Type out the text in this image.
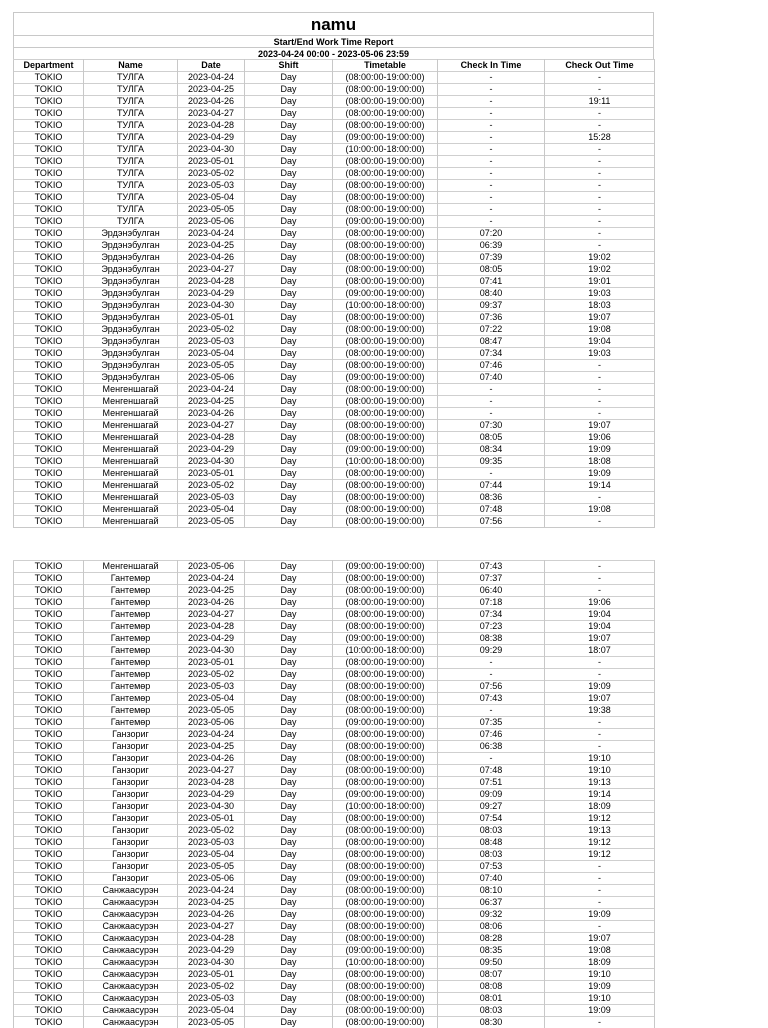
namu
Start/End Work Time Report
2023-04-24 00:00 - 2023-05-06 23:59
Department	Name	Date	Shift	Timetable	Check In Time	Check Out Time
TOKIO	ТУЛГА	2023-04-24	Day	(08:00:00-19:00:00)	-	-
TOKIO	ТУЛГА	2023-04-25	Day	(08:00:00-19:00:00)	-	-
TOKIO	ТУЛГА	2023-04-26	Day	(08:00:00-19:00:00)	-	19:11
TOKIO	ТУЛГА	2023-04-27	Day	(08:00:00-19:00:00)	-	-
TOKIO	ТУЛГА	2023-04-28	Day	(08:00:00-19:00:00)	-	-
TOKIO	ТУЛГА	2023-04-29	Day	(09:00:00-19:00:00)	-	15:28
TOKIO	ТУЛГА	2023-04-30	Day	(10:00:00-18:00:00)	-	-
TOKIO	ТУЛГА	2023-05-01	Day	(08:00:00-19:00:00)	-	-
TOKIO	ТУЛГА	2023-05-02	Day	(08:00:00-19:00:00)	-	-
TOKIO	ТУЛГА	2023-05-03	Day	(08:00:00-19:00:00)	-	-
TOKIO	ТУЛГА	2023-05-04	Day	(08:00:00-19:00:00)	-	-
TOKIO	ТУЛГА	2023-05-05	Day	(08:00:00-19:00:00)	-	-
TOKIO	ТУЛГА	2023-05-06	Day	(09:00:00-19:00:00)	-	-
TOKIO	Эрдэнэбулган	2023-04-24	Day	(08:00:00-19:00:00)	07:20	-
TOKIO	Эрдэнэбулган	2023-04-25	Day	(08:00:00-19:00:00)	06:39	-
TOKIO	Эрдэнэбулган	2023-04-26	Day	(08:00:00-19:00:00)	07:39	19:02
TOKIO	Эрдэнэбулган	2023-04-27	Day	(08:00:00-19:00:00)	08:05	19:02
TOKIO	Эрдэнэбулган	2023-04-28	Day	(08:00:00-19:00:00)	07:41	19:01
TOKIO	Эрдэнэбулган	2023-04-29	Day	(09:00:00-19:00:00)	08:40	19:03
TOKIO	Эрдэнэбулган	2023-04-30	Day	(10:00:00-18:00:00)	09:37	18:03
TOKIO	Эрдэнэбулган	2023-05-01	Day	(08:00:00-19:00:00)	07:36	19:07
TOKIO	Эрдэнэбулган	2023-05-02	Day	(08:00:00-19:00:00)	07:22	19:08
TOKIO	Эрдэнэбулган	2023-05-03	Day	(08:00:00-19:00:00)	08:47	19:04
TOKIO	Эрдэнэбулган	2023-05-04	Day	(08:00:00-19:00:00)	07:34	19:03
TOKIO	Эрдэнэбулган	2023-05-05	Day	(08:00:00-19:00:00)	07:46	-
TOKIO	Эрдэнэбулган	2023-05-06	Day	(09:00:00-19:00:00)	07:40	-
TOKIO	Менгеншагай	2023-04-24	Day	(08:00:00-19:00:00)	-	-
TOKIO	Менгеншагай	2023-04-25	Day	(08:00:00-19:00:00)	-	-
TOKIO	Менгеншагай	2023-04-26	Day	(08:00:00-19:00:00)	-	-
TOKIO	Менгеншагай	2023-04-27	Day	(08:00:00-19:00:00)	07:30	19:07
TOKIO	Менгеншагай	2023-04-28	Day	(08:00:00-19:00:00)	08:05	19:06
TOKIO	Менгеншагай	2023-04-29	Day	(09:00:00-19:00:00)	08:34	19:09
TOKIO	Менгеншагай	2023-04-30	Day	(10:00:00-18:00:00)	09:35	18:08
TOKIO	Менгеншагай	2023-05-01	Day	(08:00:00-19:00:00)	-	19:09
TOKIO	Менгеншагай	2023-05-02	Day	(08:00:00-19:00:00)	07:44	19:14
TOKIO	Менгеншагай	2023-05-03	Day	(08:00:00-19:00:00)	08:36	-
TOKIO	Менгеншагай	2023-05-04	Day	(08:00:00-19:00:00)	07:48	19:08
TOKIO	Менгеншагай	2023-05-05	Day	(08:00:00-19:00:00)	07:56	-
TOKIO	Менгеншагай	2023-05-06	Day	(09:00:00-19:00:00)	07:43	-
TOKIO	Гантемөр	2023-04-24	Day	(08:00:00-19:00:00)	07:37	-
TOKIO	Гантемөр	2023-04-25	Day	(08:00:00-19:00:00)	06:40	-
TOKIO	Гантемөр	2023-04-26	Day	(08:00:00-19:00:00)	07:18	19:06
TOKIO	Гантемөр	2023-04-27	Day	(08:00:00-19:00:00)	07:34	19:04
TOKIO	Гантемөр	2023-04-28	Day	(08:00:00-19:00:00)	07:23	19:04
TOKIO	Гантемөр	2023-04-29	Day	(09:00:00-19:00:00)	08:38	19:07
TOKIO	Гантемөр	2023-04-30	Day	(10:00:00-18:00:00)	09:29	18:07
TOKIO	Гантемөр	2023-05-01	Day	(08:00:00-19:00:00)	-	-
TOKIO	Гантемөр	2023-05-02	Day	(08:00:00-19:00:00)	-	-
TOKIO	Гантемөр	2023-05-03	Day	(08:00:00-19:00:00)	07:56	19:09
TOKIO	Гантемөр	2023-05-04	Day	(08:00:00-19:00:00)	07:43	19:07
TOKIO	Гантемөр	2023-05-05	Day	(08:00:00-19:00:00)	-	19:38
TOKIO	Гантемөр	2023-05-06	Day	(09:00:00-19:00:00)	07:35	-
TOKIO	Ганзориг	2023-04-24	Day	(08:00:00-19:00:00)	07:46	-
TOKIO	Ганзориг	2023-04-25	Day	(08:00:00-19:00:00)	06:38	-
TOKIO	Ганзориг	2023-04-26	Day	(08:00:00-19:00:00)	-	19:10
TOKIO	Ганзориг	2023-04-27	Day	(08:00:00-19:00:00)	07:48	19:10
TOKIO	Ганзориг	2023-04-28	Day	(08:00:00-19:00:00)	07:51	19:13
TOKIO	Ганзориг	2023-04-29	Day	(09:00:00-19:00:00)	09:09	19:14
TOKIO	Ганзориг	2023-04-30	Day	(10:00:00-18:00:00)	09:27	18:09
TOKIO	Ганзориг	2023-05-01	Day	(08:00:00-19:00:00)	07:54	19:12
TOKIO	Ганзориг	2023-05-02	Day	(08:00:00-19:00:00)	08:03	19:13
TOKIO	Ганзориг	2023-05-03	Day	(08:00:00-19:00:00)	08:48	19:12
TOKIO	Ганзориг	2023-05-04	Day	(08:00:00-19:00:00)	08:03	19:12
TOKIO	Ганзориг	2023-05-05	Day	(08:00:00-19:00:00)	07:53	-
TOKIO	Ганзориг	2023-05-06	Day	(09:00:00-19:00:00)	07:40	-
TOKIO	Санжаасурэн	2023-04-24	Day	(08:00:00-19:00:00)	08:10	-
TOKIO	Санжаасурэн	2023-04-25	Day	(08:00:00-19:00:00)	06:37	-
TOKIO	Санжаасурэн	2023-04-26	Day	(08:00:00-19:00:00)	09:32	19:09
TOKIO	Санжаасурэн	2023-04-27	Day	(08:00:00-19:00:00)	08:06	-
TOKIO	Санжаасурэн	2023-04-28	Day	(08:00:00-19:00:00)	08:28	19:07
TOKIO	Санжаасурэн	2023-04-29	Day	(09:00:00-19:00:00)	08:35	19:08
TOKIO	Санжаасурэн	2023-04-30	Day	(10:00:00-18:00:00)	09:50	18:09
TOKIO	Санжаасурэн	2023-05-01	Day	(08:00:00-19:00:00)	08:07	19:10
TOKIO	Санжаасурэн	2023-05-02	Day	(08:00:00-19:00:00)	08:08	19:09
TOKIO	Санжаасурэн	2023-05-03	Day	(08:00:00-19:00:00)	08:01	19:10
TOKIO	Санжаасурэн	2023-05-04	Day	(08:00:00-19:00:00)	08:03	19:09
TOKIO	Санжаасурэн	2023-05-05	Day	(08:00:00-19:00:00)	08:30	-
